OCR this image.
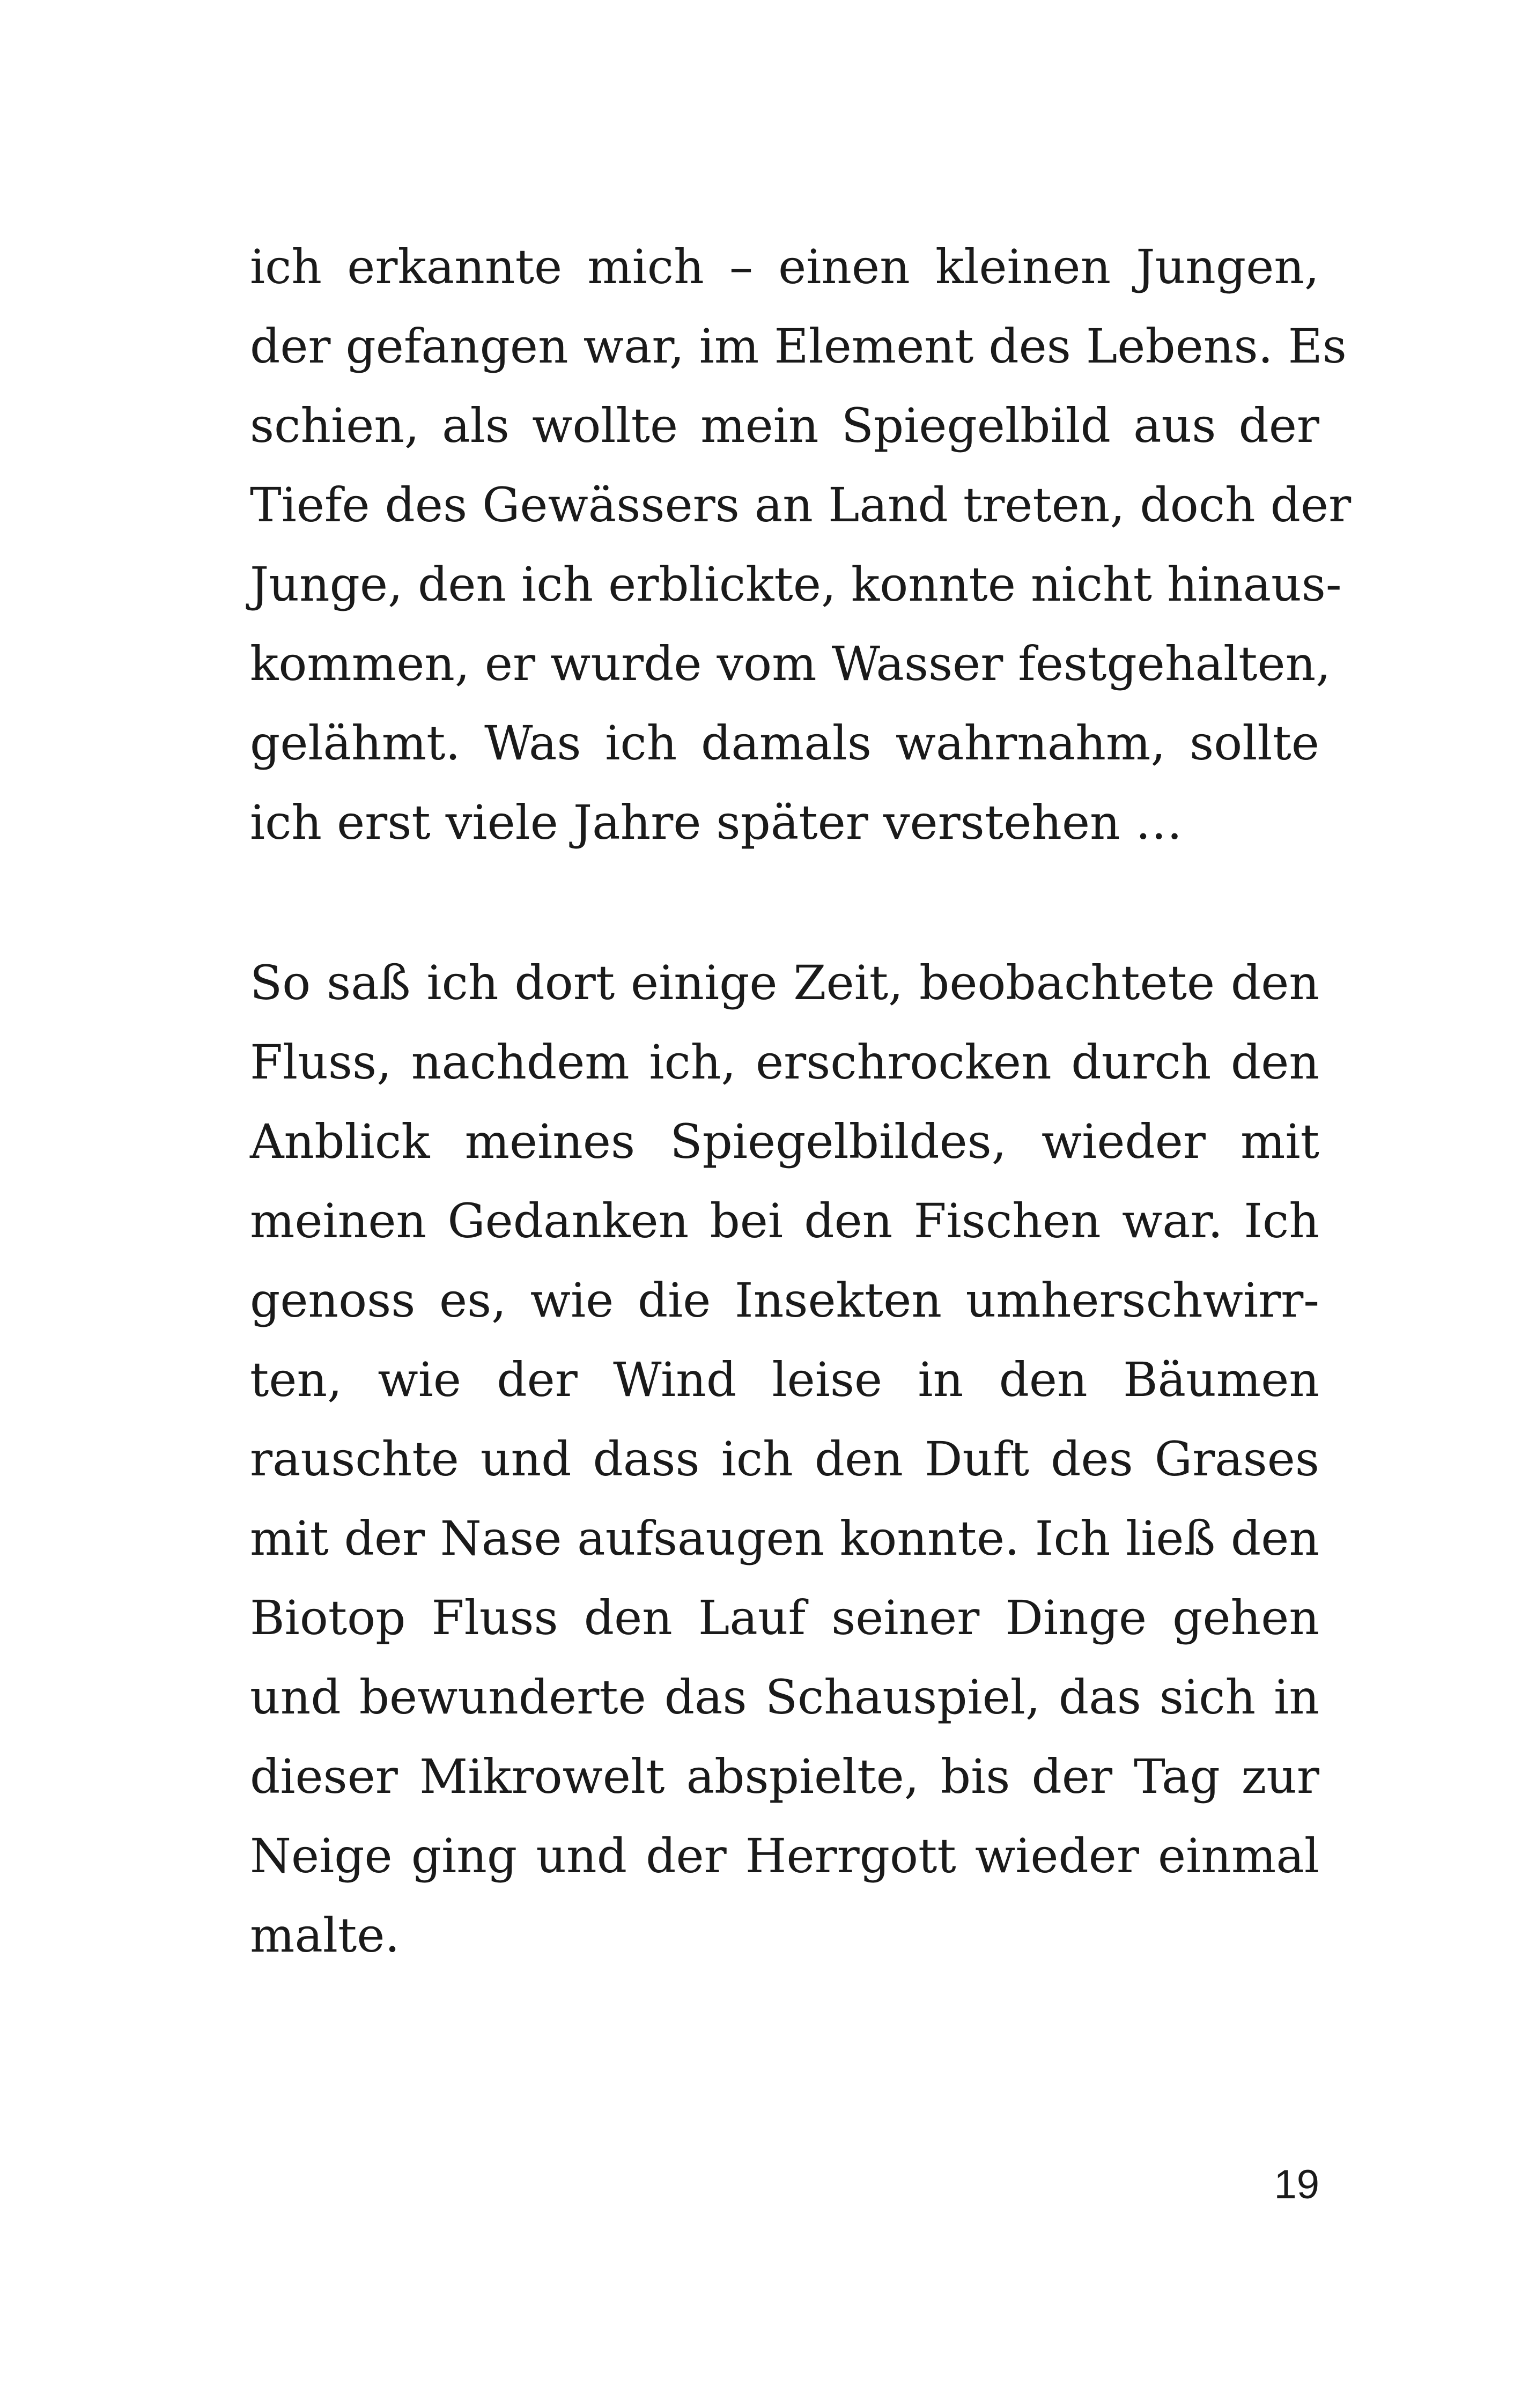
ich erkannte mich – einen kleinen Jungen,
der gefangen war, im Element des Lebens. Es
schien, als wollte mein Spiegelbild aus der
Tiefe des Gewässers an Land treten, doch der
Junge, den ich erblickte, konnte nicht hinaus-
kommen, er wurde vom Wasser festgehalten,
gelähmt. Was ich damals wahrnahm, sollte
ich erst viele Jahre später verstehen …
So saß ich dort einige Zeit, beobachtete den
Fluss, nachdem ich, erschrocken durch den
Anblick meines Spiegelbildes, wieder mit
meinen Gedanken bei den Fischen war. Ich
genoss es, wie die Insekten umherschwirr-
ten, wie der Wind leise in den Bäumen
rauschte und dass ich den Duft des Grases
mit der Nase aufsaugen konnte. Ich ließ den
Biotop Fluss den Lauf seiner Dinge gehen
und bewunderte das Schauspiel, das sich in
dieser Mikrowelt abspielte, bis der Tag zur
Neige ging und der Herrgott wieder einmal
malte.
19
